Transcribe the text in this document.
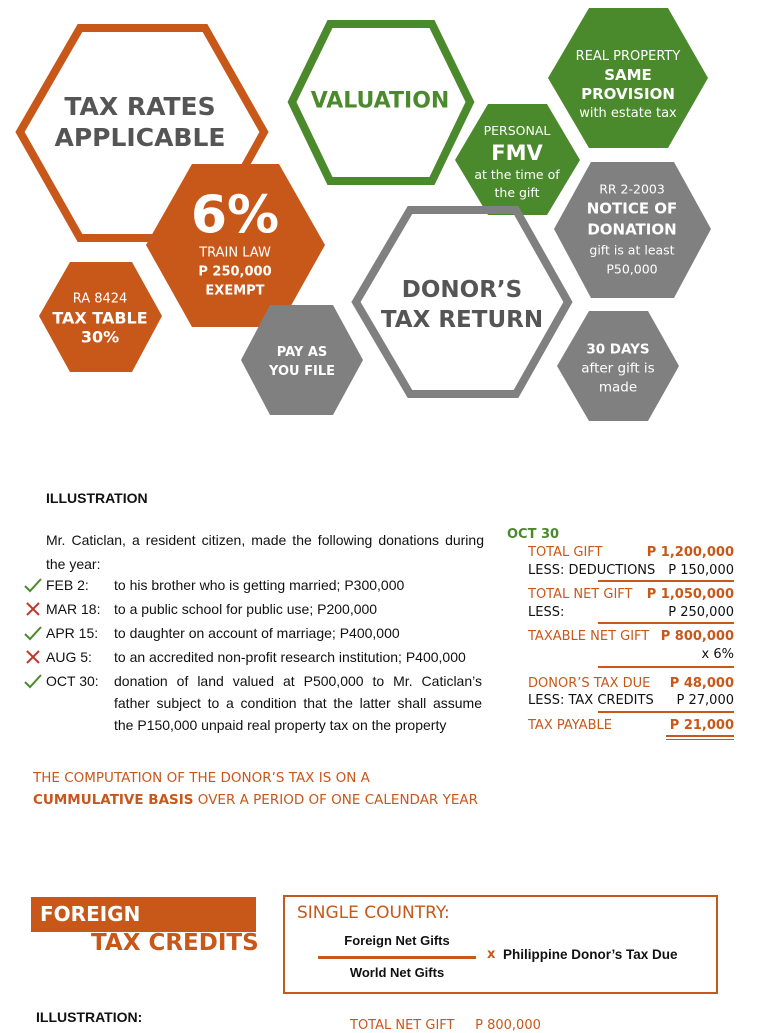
TAX RATES
APPLICABLE
VALUATION
REAL PROPERTY
SAME
PROVISION
with estate tax
PERSONAL
FMV
at the time of
the gift
6%
TRAIN LAW
P 250,000
EXEMPT
RA 8424
TAX TABLE
30%
DONOR’S
TAX RETURN
RR 2-2003
NOTICE OF
DONATION
gift is at least
P50,000
PAY AS
YOU FILE
30 DAYS
after gift is
made
ILLUSTRATION
Mr. Caticlan, a resident citizen, made the following donations during
the year:
FEB 2: to his brother who is getting married; P300,000
MAR 18: to a public school for public use; P200,000
APR 15: to daughter on account of marriage; P400,000
AUG 5: to an accredited non-profit research institution; P400,000
OCT 30: donation of land valued at P500,000 to Mr. Caticlan’s
father subject to a condition that the latter shall assume
the P150,000 unpaid real property tax on the property
OCT 30
TOTAL GIFT	P 1,200,000
LESS: DEDUCTIONS P 150,000
TOTAL NET GIFT P 1,050,000
LESS:	P 250,000
TAXABLE NET GIFT P 800,000
x 6%
DONOR’S TAX DUE P 48,000
LESS: TAX CREDITS P 27,000
TAX PAYABLE	P 21,000
THE COMPUTATION OF THE DONOR’S TAX IS ON A
CUMMULATIVE BASIS OVER A PERIOD OF ONE CALENDAR YEAR
FOREIGN
TAX CREDITS
SINGLE COUNTRY:
Foreign Net Gifts
World Net Gifts
x Philippine Donor’s Tax Due
ILLUSTRATION:
TOTAL NET GIFT     P 800,000
